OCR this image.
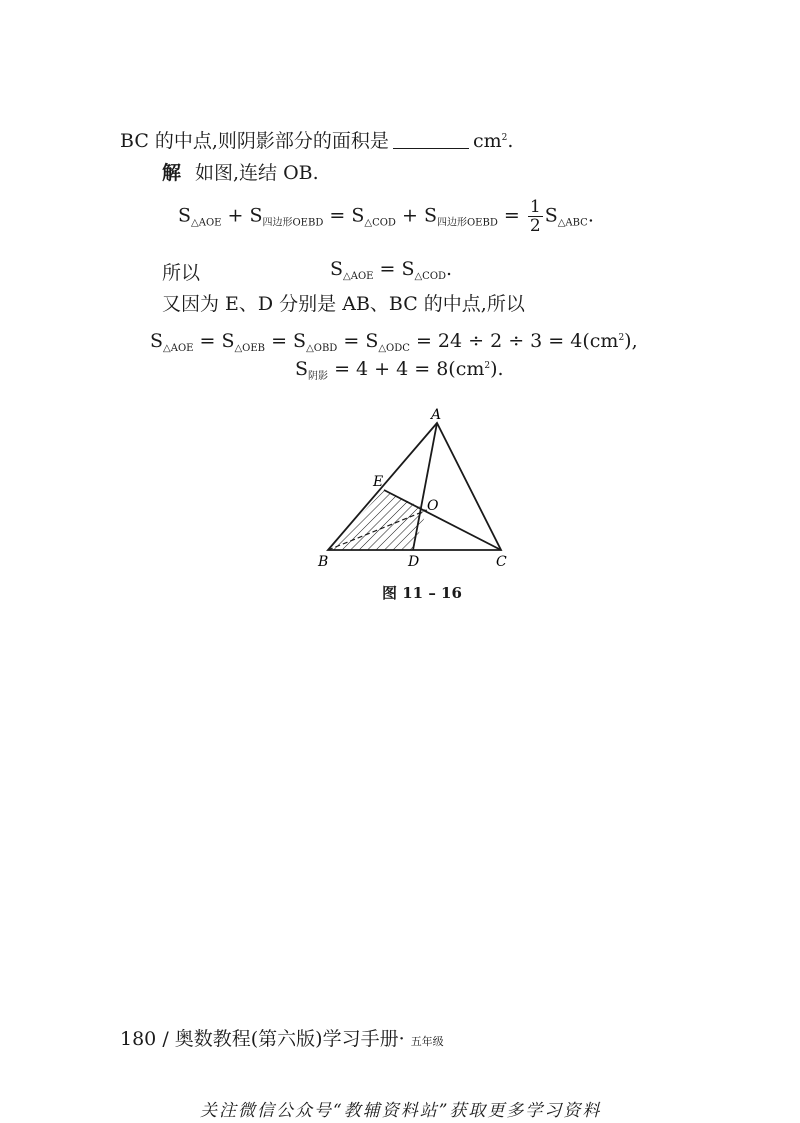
BC 的中点,则阴影部分的面积是	$cm^2$.
解 如图,连结 OB.
$S_{\triangle AOE} + S_{四边形OEBD} = S_{\triangle COD} + S_{四边形OEBD} = \frac{1}{2} S_{\triangle ABC}$.
所以	$S_{\triangle AOE} = S_{\triangle COD}$.
又因为 E、D 分别是 AB、BC 的中点,所以
$S_{\triangle AOE} = S_{\triangle OEB} = S_{\triangle OBD} = S_{\triangle ODC} = 24 \div 2 \div 3 = 4(cm^2)$,
$S_{阴影} = 4 + 4 = 8(cm^2)$.
A
B	C
D
E
O
图 11 – 16
180 / 奥数教程(第六版)学习手册· 五年级
关注微信公众号“教辅资料站”获取更多学习资料
